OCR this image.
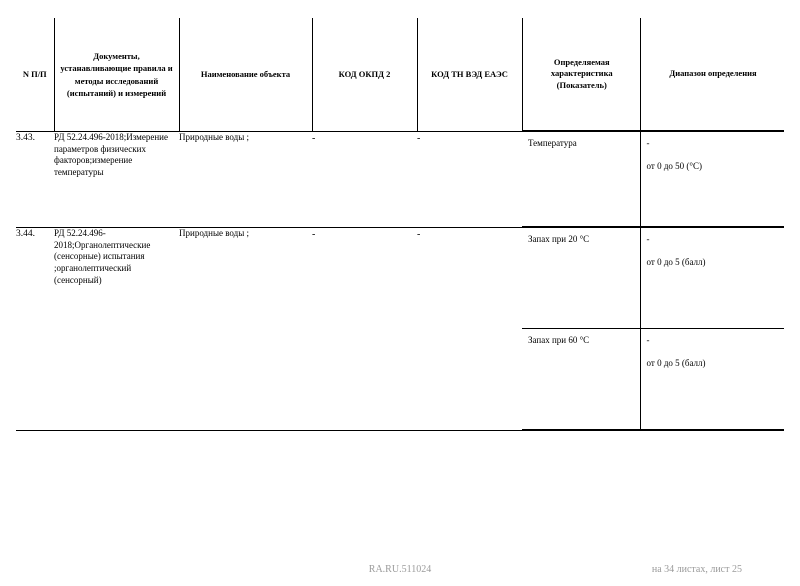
N П/П	Документы, устанавливающие правила и методы исследований (испытаний) и измерений	Наименование объекта	КОД ОКПД 2	КОД ТН ВЭД ЕАЭС	
Определяемая характеристика (Показатель)	Диапазон определения

3.43.	РД 52.24.496-2018;Измерение параметров физических факторов;измерение температуры	Природные воды ;	-	-		Температура	-
от 0 до 50 (°С)

3.44.	РД 52.24.496-2018;Органолептические (сенсорные) испытания ;органолептический (сенсорный)	Природные воды ;	-	-		Запах при 20 °С	-
от 0 до 5 (балл)

Запах при 60 °С	-
от 0 до 5 (балл)
RA.RU.511024	на 34 листах, лист 25
